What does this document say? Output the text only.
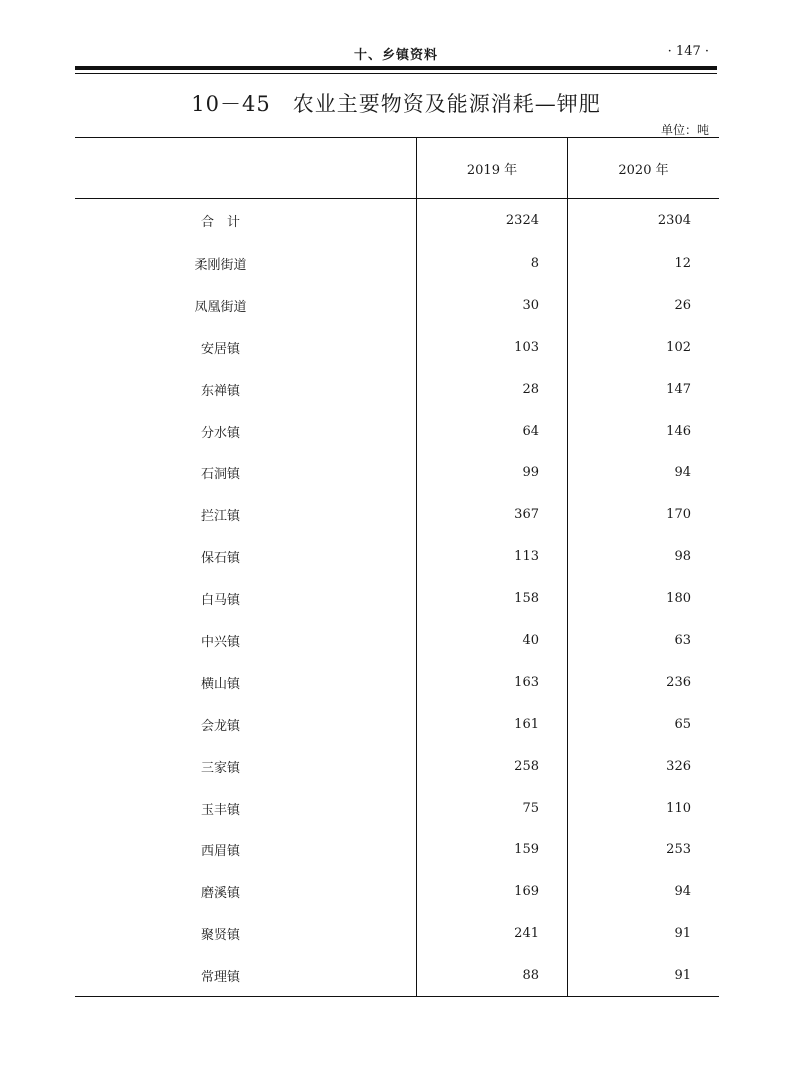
十、乡镇资料	· 147 ·
10－45 农业主要物资及能源消耗—钾肥
单位：吨
	2019 年	2020 年
合　计	2324	2304
柔刚街道	8	12
凤凰街道	30	26
安居镇	103	102
东禅镇	28	147
分水镇	64	146
石洞镇	99	94
拦江镇	367	170
保石镇	113	98
白马镇	158	180
中兴镇	40	63
横山镇	163	236
会龙镇	161	65
三家镇	258	326
玉丰镇	75	110
西眉镇	159	253
磨溪镇	169	94
聚贤镇	241	91
常理镇	88	91
